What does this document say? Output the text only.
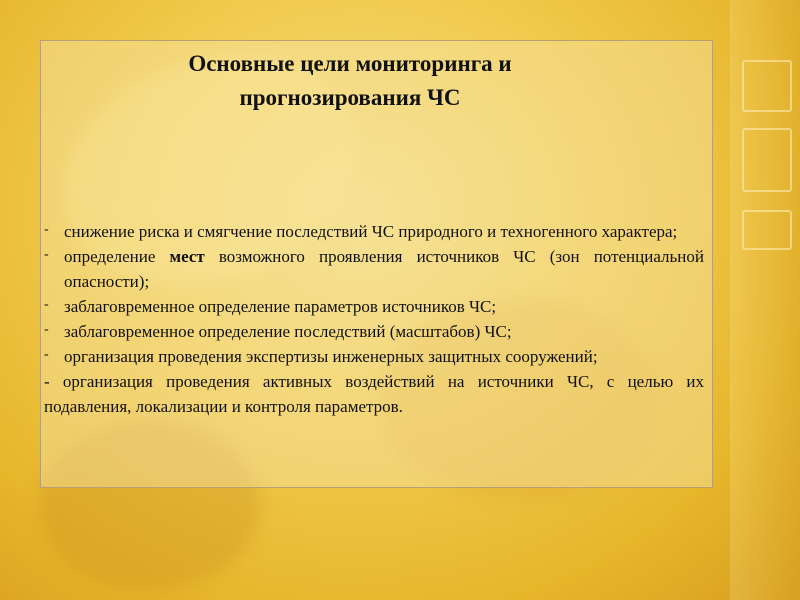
Основные цели мониторинга и
прогнозирования ЧС
- снижение риска и смягчение последствий ЧС природного и техногенного характера;
- определение мест возможного проявления источников ЧС (зон потенциальной опасности);
- заблаговременное определение параметров источников ЧС;
- заблаговременное определение последствий (масштабов) ЧС;
- организация проведения экспертизы инженерных защитных сооружений;
- организация проведения активных воздействий на источники ЧС, с целью их подавления, локализации и контроля параметров.
